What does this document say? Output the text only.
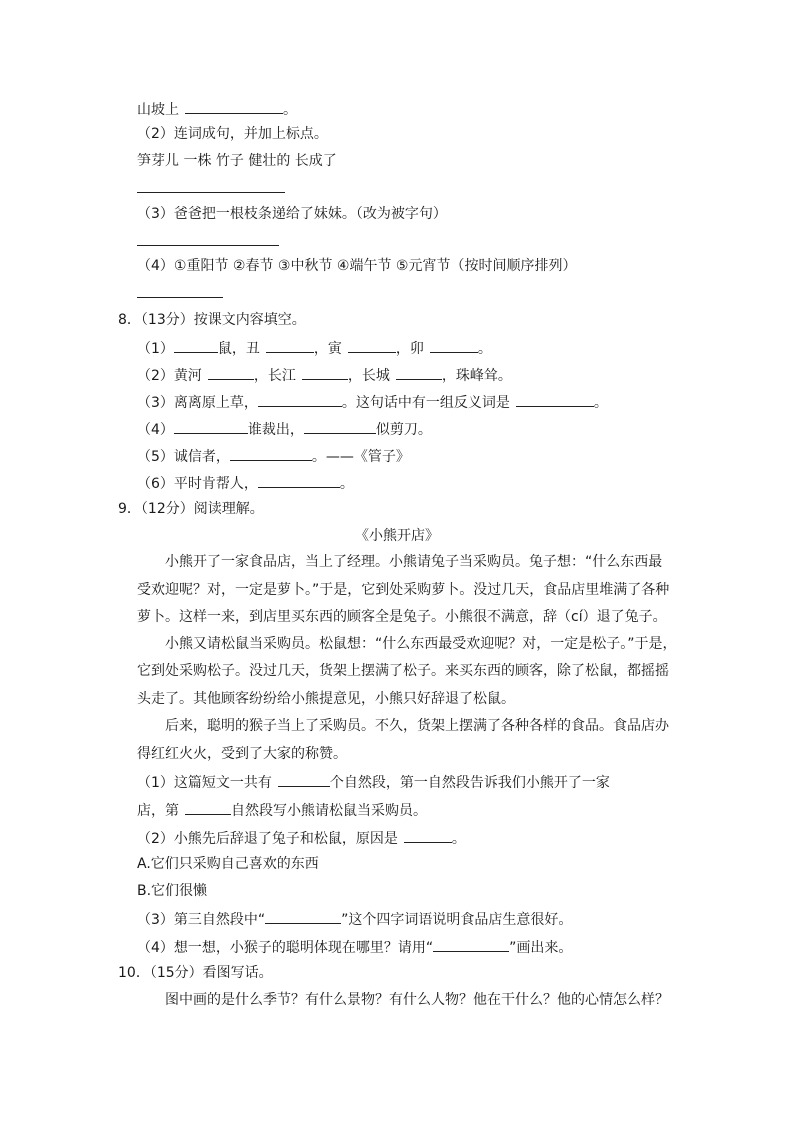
山坡上	。
（2）连词成句，并加上标点。
笋芽儿 一株 竹子 健壮的 长成了
（3）爸爸把一根枝条递给了妹妹。（改为被字句）
（4）①重阳节 ②春节 ③中秋节 ④端午节 ⑤元宵节（按时间顺序排列）
8．（13分）按课文内容填空。
（1）	鼠，丑	，寅	，卯	。
（2）黄河	，长江	，长城	，珠峰耸。
（3）离离原上草，	。这句话中有一组反义词是	。
（4）	谁裁出，	似剪刀。
（5）诚信者，	。——《管子》
（6）平时肯帮人，	。
9．（12分）阅读理解。
《小熊开店》
小熊开了一家食品店，当上了经理。小熊请兔子当采购员。兔子想：“什么东西最
受欢迎呢？对，一定是萝卜。”于是，它到处采购萝卜。没过几天，食品店里堆满了各种
萝卜。这样一来，到店里买东西的顾客全是兔子。小熊很不满意，辞（cí）退了兔子。
小熊又请松鼠当采购员。松鼠想：“什么东西最受欢迎呢？对，一定是松子。”于是，
它到处采购松子。没过几天，货架上摆满了松子。来买东西的顾客，除了松鼠，都摇摇
头走了。其他顾客纷纷给小熊提意见，小熊只好辞退了松鼠。
后来，聪明的猴子当上了采购员。不久，货架上摆满了各种各样的食品。食品店办
得红红火火，受到了大家的称赞。
（1）这篇短文一共有	个自然段，第一自然段告诉我们小熊开了一家
店，第	自然段写小熊请松鼠当采购员。
（2）小熊先后辞退了兔子和松鼠，原因是	。
A.它们只采购自己喜欢的东西
B.它们很懒
（3）第三自然段中“	”这个四字词语说明食品店生意很好。
（4）想一想，小猴子的聪明体现在哪里？请用“	”画出来。
10．（15分）看图写话。
图中画的是什么季节？有什么景物？有什么人物？他在干什么？他的心情怎么样？
